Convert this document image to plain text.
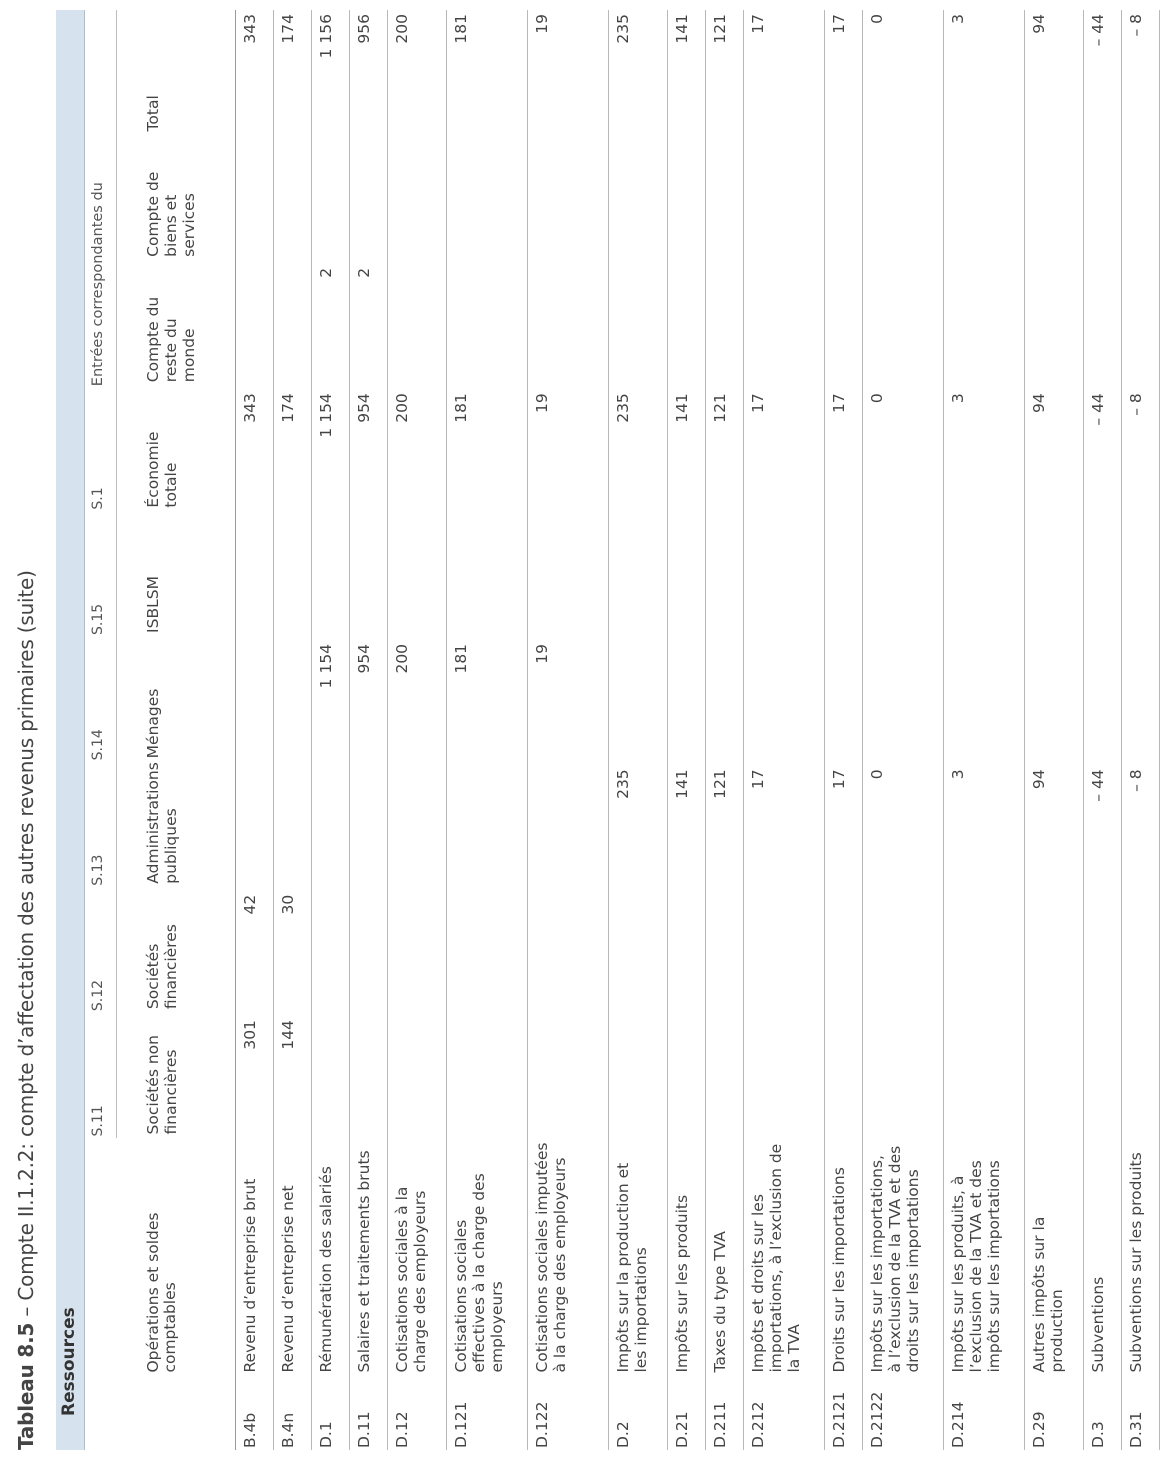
Tableau 8.5 – Compte II.1.2.2: compte d’affectation des autres revenus primaires (suite)
Ressources
		S.11	S.12	S.13	S.14	S.15	S.1	Entrées correspondantes du		

	Opérations et soldes comptables	Sociétés non financières	Sociétés financières	Administrations publiques	Ménages	ISBLSM	Économie totale	Compte du reste du monde	Compte de biens et services	Total

B.4b	Revenu d’entreprise brut	301	42				343			343
B.4n	Revenu d’entreprise net	144	30				174			174
D.1	Rémunération des salariés				1 154		1 154	2		1 156
D.11	Salaires et traitements bruts				954		954	2		956
D.12	Cotisations sociales à la charge des employeurs				200		200			200
D.121	Cotisations sociales effectives à la charge des employeurs				181		181			181
D.122	Cotisations sociales imputées à la charge des employeurs				19		19			19
D.2	Impôts sur la production et les importations			235			235			235
D.21	Impôts sur les produits			141			141			141
D.211	Taxes du type TVA			121			121			121
D.212	Impôts et droits sur les importations, à l’exclusion de la TVA			17			17			17
D.2121	Droits sur les importations			17			17			17
D.2122	Impôts sur les importations, à l’exclusion de la TVA et des droits sur les importations			0			0			0
D.214	Impôts sur les produits, à l’exclusion de la TVA et des impôts sur les importations			3			3			3
D.29	Autres impôts sur la production			94			94			94
D.3	Subventions			– 44			– 44			– 44
D.31	Subventions sur les produits			– 8			– 8			– 8
